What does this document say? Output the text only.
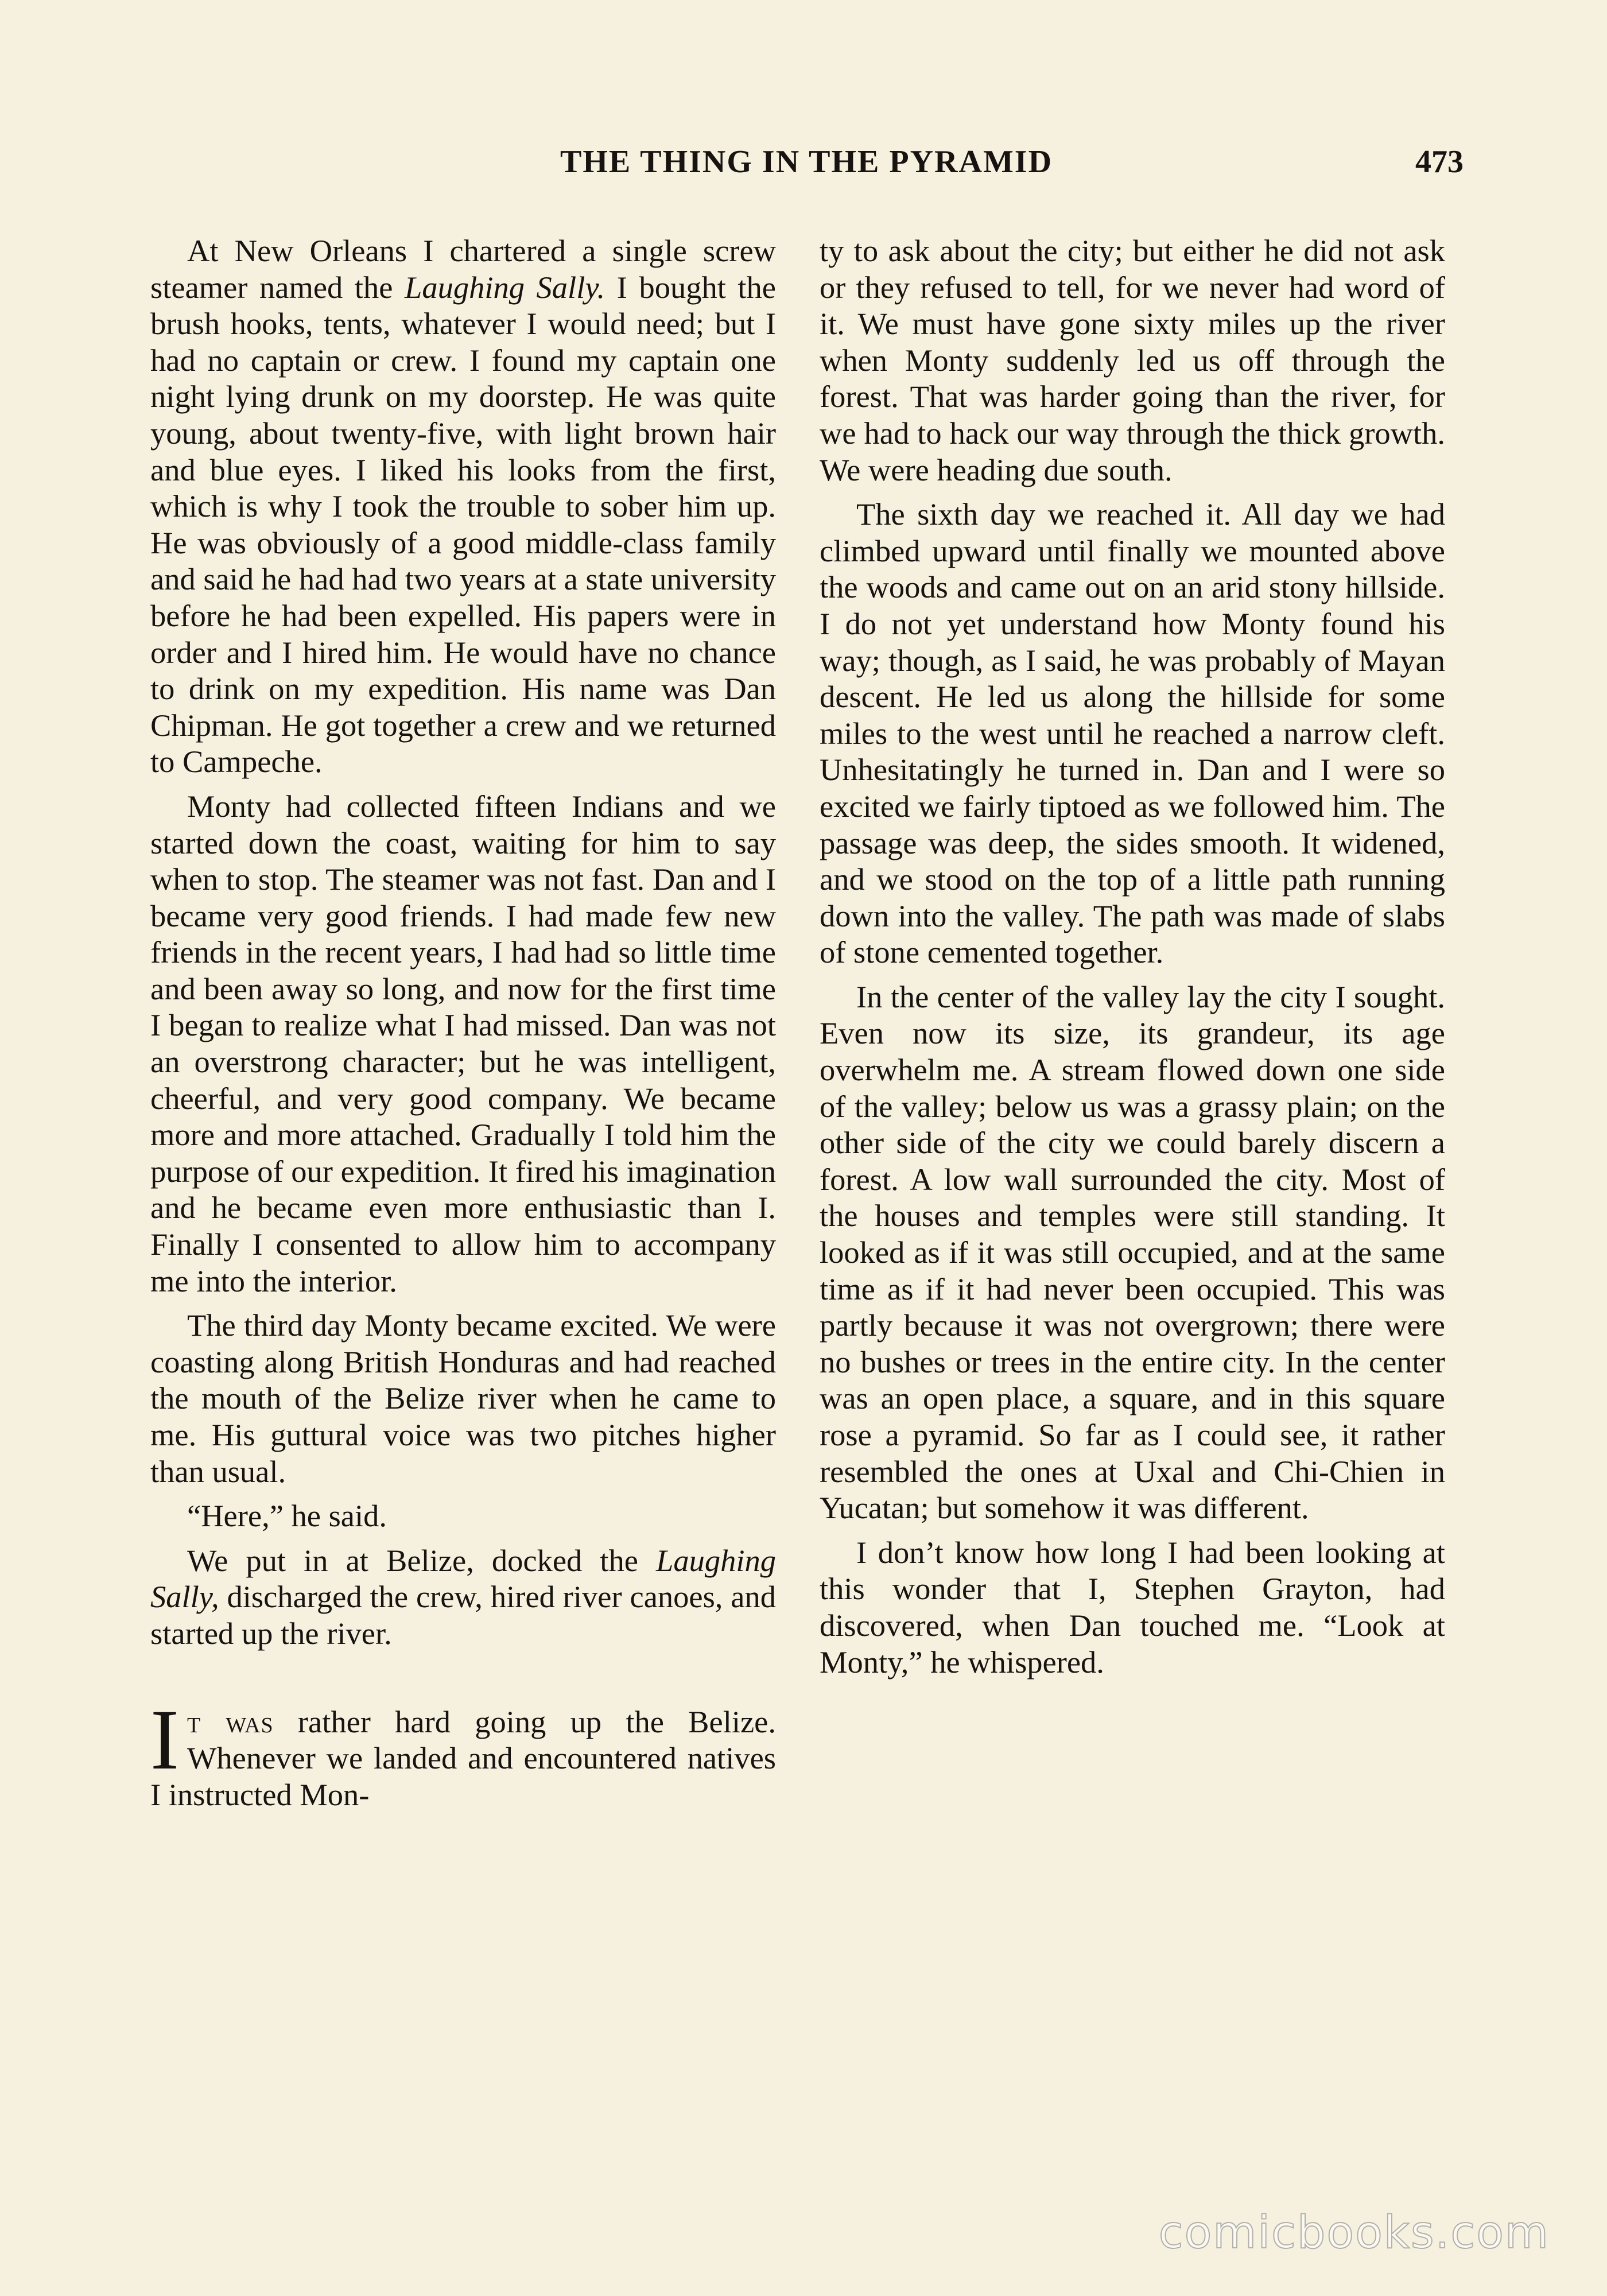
THE THING IN THE PYRAMID	473

At New Orleans I chartered a single screw steamer named the Laughing Sally. I bought the brush hooks, tents, whatever I would need; but I had no captain or crew. I found my captain one night lying drunk on my doorstep. He was quite young, about twenty-five, with light brown hair and blue eyes. I liked his looks from the first, which is why I took the trouble to sober him up. He was obviously of a good middle-class family and said he had had two years at a state university before he had been expelled. His papers were in order and I hired him. He would have no chance to drink on my expedition. His name was Dan Chipman. He got together a crew and we returned to Campeche.

Monty had collected fifteen Indians and we started down the coast, waiting for him to say when to stop. The steamer was not fast. Dan and I became very good friends. I had made few new friends in the recent years, I had had so little time and been away so long, and now for the first time I began to realize what I had missed. Dan was not an overstrong character; but he was intelligent, cheerful, and very good company. We became more and more attached. Gradually I told him the purpose of our expedition. It fired his imagination and he became even more enthusiastic than I. Finally I consented to allow him to accompany me into the interior.

The third day Monty became excited. We were coasting along British Honduras and had reached the mouth of the Belize river when he came to me. His guttural voice was two pitches higher than usual.

“Here,” he said.

We put in at Belize, docked the Laughing Sally, discharged the crew, hired river canoes, and started up the river.

It was rather hard going up the Belize. Whenever we landed and encountered natives I instructed Mon-

ty to ask about the city; but either he did not ask or they refused to tell, for we never had word of it. We must have gone sixty miles up the river when Monty suddenly led us off through the forest. That was harder going than the river, for we had to hack our way through the thick growth. We were heading due south.

The sixth day we reached it. All day we had climbed upward until finally we mounted above the woods and came out on an arid stony hillside. I do not yet understand how Monty found his way; though, as I said, he was probably of Mayan descent. He led us along the hillside for some miles to the west until he reached a narrow cleft. Unhesitatingly he turned in. Dan and I were so excited we fairly tiptoed as we followed him. The passage was deep, the sides smooth. It widened, and we stood on the top of a little path running down into the valley. The path was made of slabs of stone cemented together.

In the center of the valley lay the city I sought. Even now its size, its grandeur, its age overwhelm me. A stream flowed down one side of the valley; below us was a grassy plain; on the other side of the city we could barely discern a forest. A low wall surrounded the city. Most of the houses and temples were still standing. It looked as if it was still occupied, and at the same time as if it had never been occupied. This was partly because it was not overgrown; there were no bushes or trees in the entire city. In the center was an open place, a square, and in this square rose a pyramid. So far as I could see, it rather resembled the ones at Uxal and Chi-Chien in Yucatan; but somehow it was different.

I don’t know how long I had been looking at this wonder that I, Stephen Grayton, had discovered, when Dan touched me. “Look at Monty,” he whispered.

comicbooks.com
